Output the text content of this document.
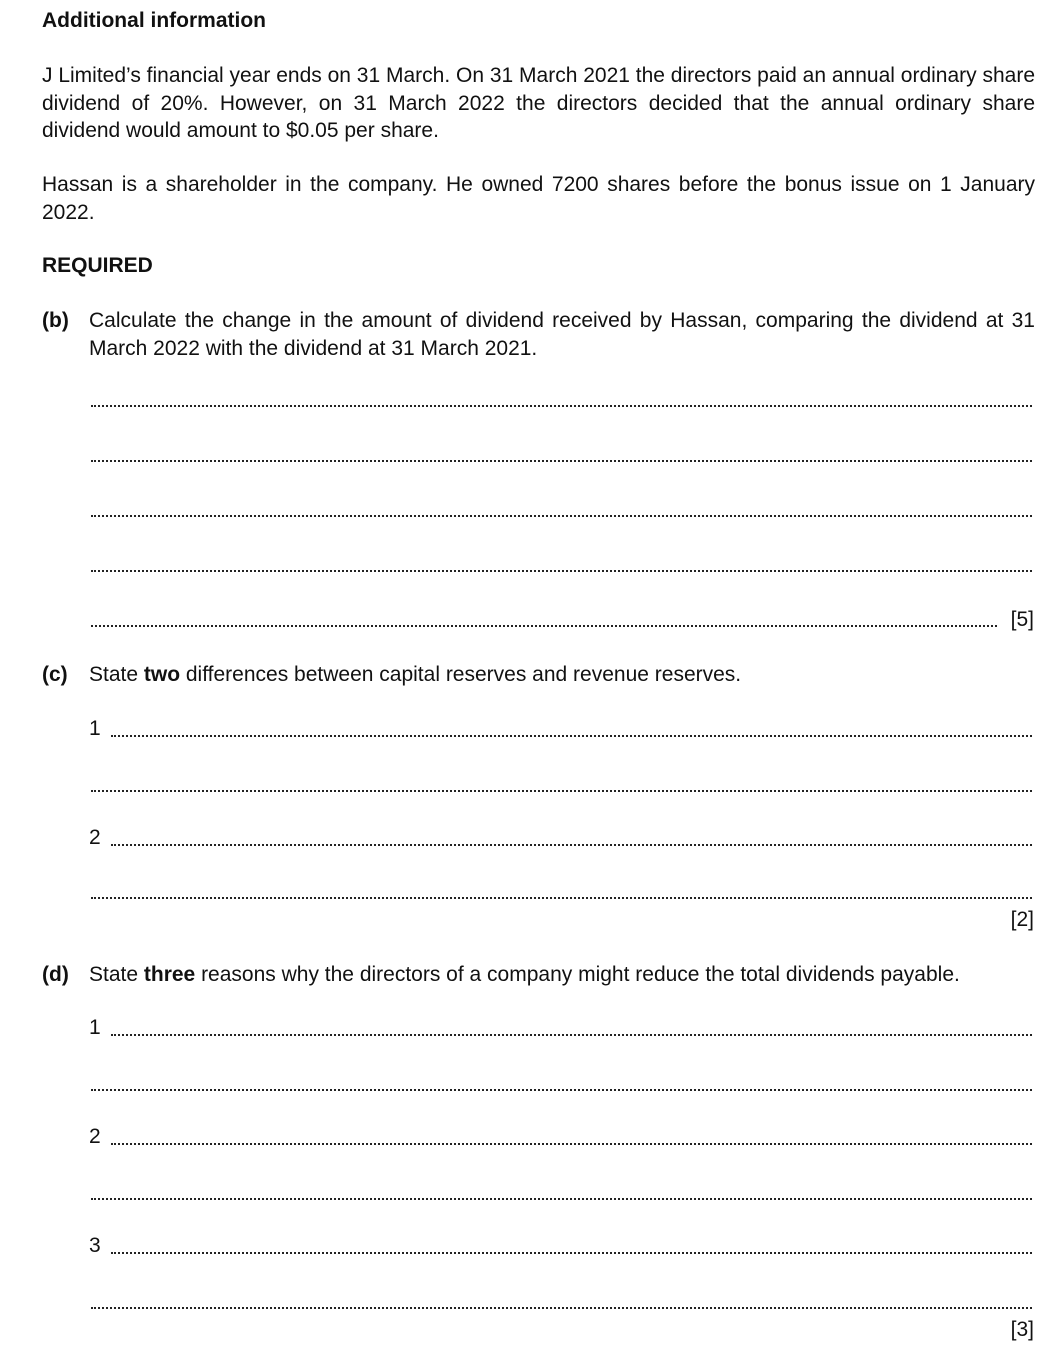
Additional information
J Limited’s financial year ends on 31 March. On 31 March 2021 the directors paid an annual ordinary share dividend of 20%. However, on 31 March 2022 the directors decided that the annual ordinary share dividend would amount to $0.05 per share.
Hassan is a shareholder in the company. He owned 7200 shares before the bonus issue on 1 January 2022.
REQUIRED
(b) Calculate the change in the amount of dividend received by Hassan, comparing the dividend at 31 March 2022 with the dividend at 31 March 2021.
[5]
(c) State two differences between capital reserves and revenue reserves.
1
2
[2]
(d) State three reasons why the directors of a company might reduce the total dividends payable.
1
2
3
[3]
